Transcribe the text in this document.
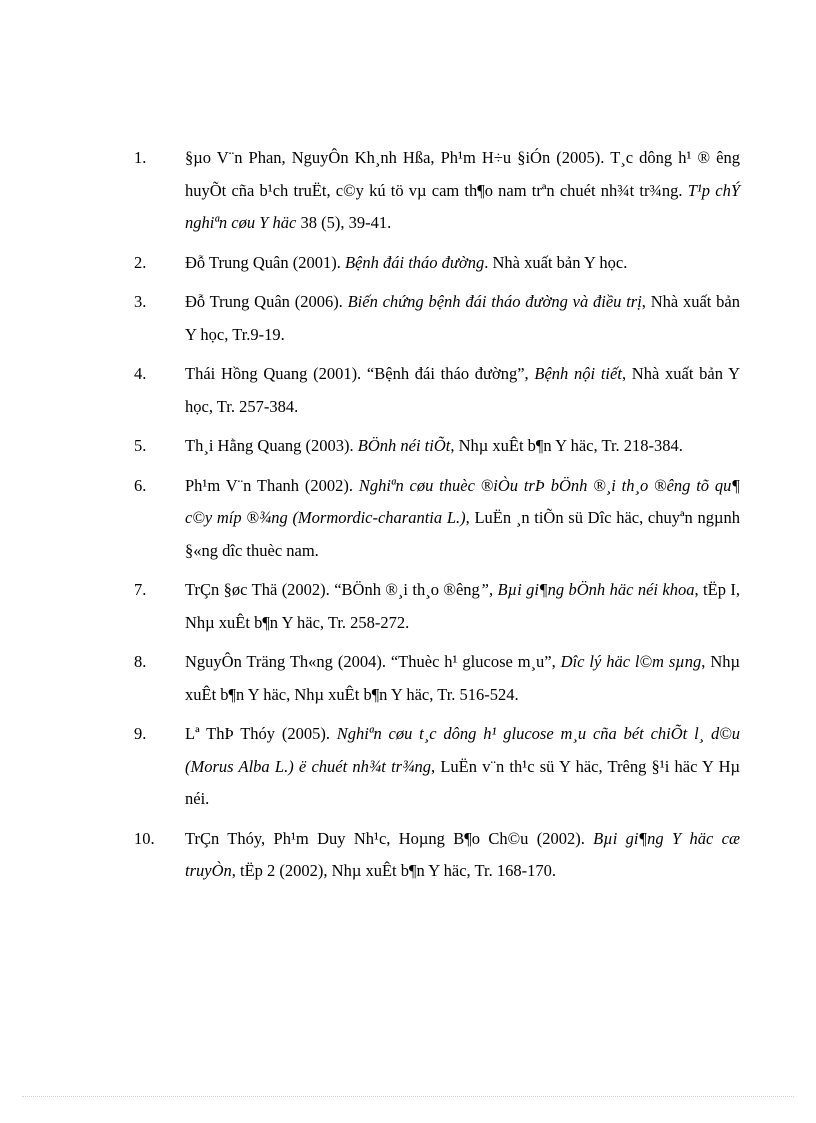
1.	§µo V¨n Phan, NguyÔn Kh¸nh Hßa, Ph¹m H÷u §iÓn (2005). T¸c dông h¹ ® êng huyÕt cña b¹ch truËt, c©y kú tö vµ cam th¶o nam trªn chuét nh¾t tr¾ng. T¹p chÝ nghiªn cøu Y häc 38 (5), 39-41.
2.	Đỗ Trung Quân (2001). Bệnh đái tháo đường. Nhà xuất bản Y học.
3.	Đỗ Trung Quân (2006). Biến chứng bệnh đái tháo đường và điều trị, Nhà xuất bản Y học, Tr.9-19.
4.	Thái Hồng Quang (2001). “Bệnh đái tháo đường”, Bệnh nội tiết, Nhà xuất bản Y học, Tr. 257-384.
5.	Th¸i Hằng Quang (2003). BÖnh néi tiÕt, Nhµ xuÊt b¶n Y häc, Tr. 218-384.
6.	Ph¹m V¨n Thanh (2002). Nghiªn cøu thuèc ®iÒu trÞ bÖnh ®¸i th¸o ®êng tõ qu¶ c©y míp ®¾ng (Mormordic-charantia L.), LuËn ¸n tiÕn sü Dîc häc, chuyªn ngµnh §«ng dîc thuèc nam.
7.	TrÇn §øc Thä (2002). “BÖnh ®¸i th¸o ®êng”, Bµi gi¶ng bÖnh häc néi khoa, tËp I, Nhµ xuÊt b¶n Y häc, Tr. 258-272.
8.	NguyÔn Träng Th«ng (2004). “Thuèc h¹ glucose m¸u”, Dîc lý häc l©m sµng, Nhµ xuÊt b¶n Y häc, Nhµ xuÊt b¶n Y häc, Tr. 516-524.
9.	Lª ThÞ Thóy (2005). Nghiªn cøu t¸c dông h¹ glucose m¸u cña bét chiÕt l¸ d©u (Morus Alba L.) ë chuét nh¾t tr¾ng, LuËn v¨n th¹c sü Y häc, Trêng §¹i häc Y Hµ néi.
10.	TrÇn Thóy, Ph¹m Duy Nh¹c, Hoµng B¶o Ch©u (2002). Bµi gi¶ng Y häc cæ truyÒn, tËp 2 (2002), Nhµ xuÊt b¶n Y häc, Tr. 168-170.
